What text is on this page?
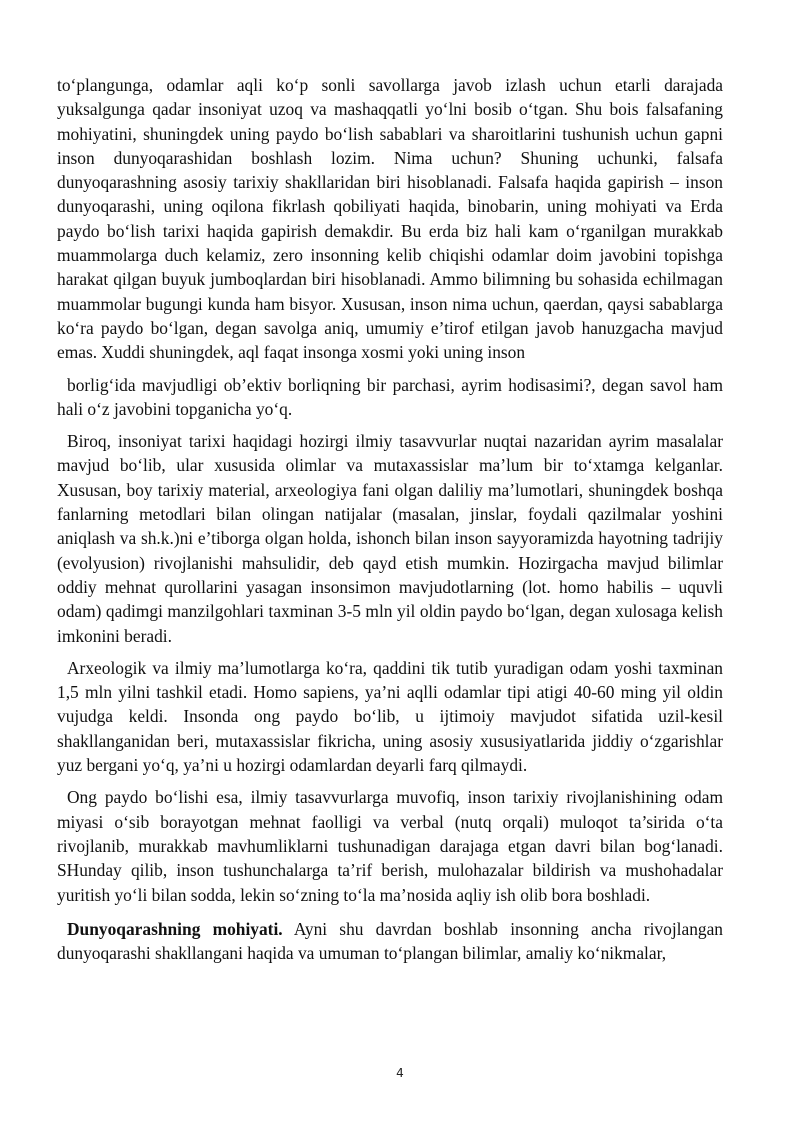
to‘plangunga, odamlar aqli ko‘p sonli savollarga javob izlash uchun etarli darajada yuksalgunga qadar insoniyat uzoq va mashaqqatli yo‘lni bosib o‘tgan. Shu bois falsafaning mohiyatini, shuningdek uning paydo bo‘lish sabablari va sharoitlarini tushunish uchun gapni inson dunyoqarashidan boshlash lozim. Nima uchun? Shuning uchunki, falsafa dunyoqarashning asosiy tarixiy shakllaridan biri hisoblanadi. Falsafa haqida gapirish – inson dunyoqarashi, uning oqilona fikrlash qobiliyati haqida, binobarin, uning mohiyati va Erda paydo bo‘lish tarixi haqida gapirish demakdir. Bu erda biz hali kam o‘rganilgan murakkab muammolarga duch kelamiz, zero insonning kelib chiqishi odamlar doim javobini topishga harakat qilgan buyuk jumboqlardan biri hisoblanadi. Ammo bilimning bu sohasida echilmagan muammolar bugungi kunda ham bisyor. Xususan, inson nima uchun, qaerdan, qaysi sabablarga ko‘ra paydo bo‘lgan, degan savolga aniq, umumiy e’tirof etilgan javob hanuzgacha mavjud emas. Xuddi shuningdek, aql faqat insonga xosmi yoki uning inson

borlig‘ida mavjudligi ob’ektiv borliqning bir parchasi, ayrim hodisasimi?, degan savol ham hali o‘z javobini topganicha yo‘q.

Biroq, insoniyat tarixi haqidagi hozirgi ilmiy tasavvurlar nuqtai nazaridan ayrim masalalar mavjud bo‘lib, ular xususida olimlar va mutaxassislar ma’lum bir to‘xtamga kelganlar. Xususan, boy tarixiy material, arxeologiya fani olgan daliliy ma’lumotlari, shuningdek boshqa fanlarning metodlari bilan olingan natijalar (masalan, jinslar, foydali qazilmalar yoshini aniqlash va sh.k.)ni e’tiborga olgan holda, ishonch bilan inson sayyoramizda hayotning tadrijiy (evolyusion) rivojlanishi mahsulidir, deb qayd etish mumkin. Hozirgacha mavjud bilimlar oddiy mehnat qurollarini yasagan insonsimon mavjudotlarning (lot. homo habilis – uquvli odam) qadimgi manzilgohlari taxminan 3-5 mln yil oldin paydo bo‘lgan, degan xulosaga kelish imkonini beradi.

Arxeologik va ilmiy ma’lumotlarga ko‘ra, qaddini tik tutib yuradigan odam yoshi taxminan 1,5 mln yilni tashkil etadi. Homo sapiens, ya’ni aqlli odamlar tipi atigi 40-60 ming yil oldin vujudga keldi. Insonda ong paydo bo‘lib, u ijtimoiy mavjudot sifatida uzil-kesil shakllanganidan beri, mutaxassislar fikricha, uning asosiy xususiyatlarida jiddiy o‘zgarishlar yuz bergani yo‘q, ya’ni u hozirgi odamlardan deyarli farq qilmaydi.

Ong paydo bo‘lishi esa, ilmiy tasavvurlarga muvofiq, inson tarixiy rivojlanishining odam miyasi o‘sib borayotgan mehnat faolligi va verbal (nutq orqali) muloqot ta’sirida o‘ta rivojlanib, murakkab mavhumliklarni tushunadigan darajaga etgan davri bilan bog‘lanadi. SHunday qilib, inson tushunchalarga ta’rif berish, mulohazalar bildirish va mushohadalar yuritish yo‘li bilan sodda, lekin so‘zning to‘la ma’nosida aqliy ish olib bora boshladi.

Dunyoqarashning mohiyati. Ayni shu davrdan boshlab insonning ancha rivojlangan dunyoqarashi shakllangani haqida va umuman to‘plangan bilimlar, amaliy ko‘nikmalar,

4
